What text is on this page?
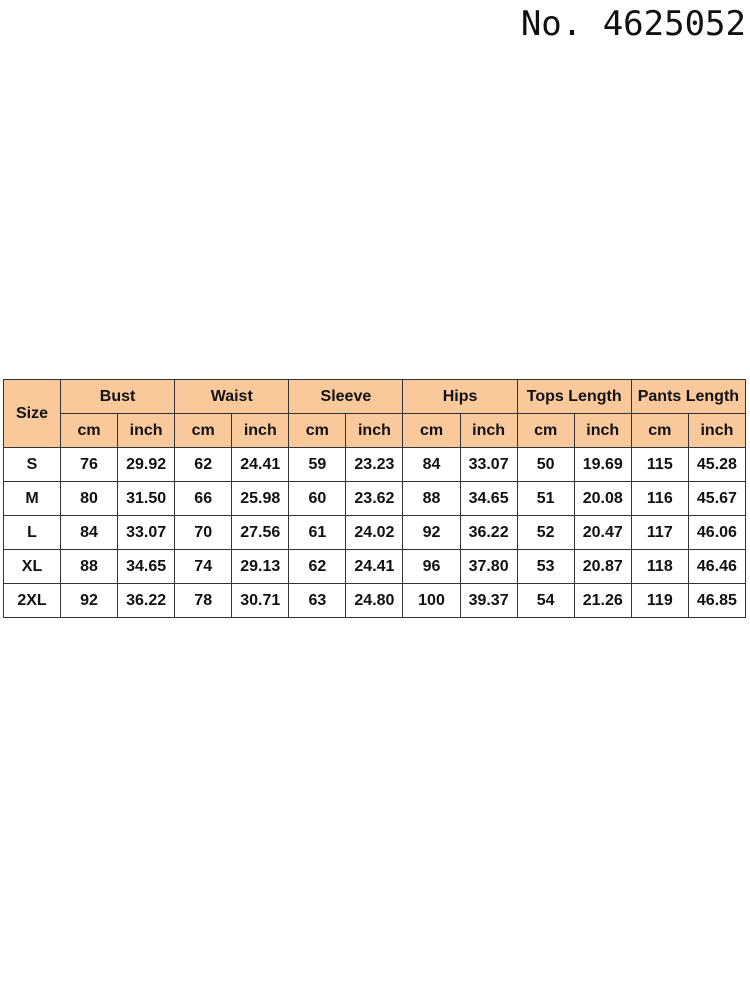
No. 4625052
Size	Bust		Waist		Sleeve		Hips		Tops Length		Pants Length	
	cm	inch	cm	inch	cm	inch	cm	inch	cm	inch	cm	inch
S	76	29.92	62	24.41	59	23.23	84	33.07	50	19.69	115	45.28
M	80	31.50	66	25.98	60	23.62	88	34.65	51	20.08	116	45.67
L	84	33.07	70	27.56	61	24.02	92	36.22	52	20.47	117	46.06
XL	88	34.65	74	29.13	62	24.41	96	37.80	53	20.87	118	46.46
2XL	92	36.22	78	30.71	63	24.80	100	39.37	54	21.26	119	46.85
